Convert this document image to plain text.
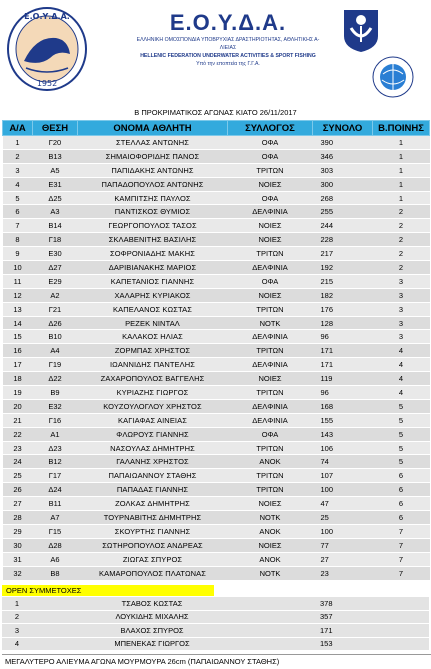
Ε.Ο.Υ.Δ.Α.
1952
Ε.Ο.Υ.Δ.Α.
ΕΛΛΗΝΙΚΗ ΟΜΟΣΠΟΝΔΙΑ ΥΠΟΒΡΥΧΙΑΣ ΔΡΑΣΤΗΡΙΟΤΗΤΑΣ, ΑΘΛΗΤΙΚΗΣ Α-
ΛΙΕΙΑΣ
HELLENIC FEDERATION UNDERWATER ACTIVITIES & SPORT FISHING
Υπό την εποπτεία της Γ.Γ.Α.
Β ΠΡΟΚΡΙΜΑΤΙΚΟΣ ΑΓΩΝΑΣ ΚΙΑΤΟ 26/11/2017
Α/Α	ΘΕΣΗ	ΟΝΟΜΑ ΑΘΛΗΤΗ	ΣΥΛΛΟΓΟΣ	ΣΥΝΟΛΟ	Β.ΠΟΙΝΗΣ
1	Γ20	ΣΤΕΛΛΑΣ ΑΝΤΩΝΗΣ	ΟΦΑ	390	1
2	Β13	ΣΗΜΑΙΟΦΟΡΙΔΗΣ ΠΑΝΟΣ	ΟΦΑ	346	1
3	Α5	ΠΑΠΙΔΑΚΗΣ ΑΝΤΩΝΗΣ	ΤΡΙΤΩΝ	303	1
4	Ε31	ΠΑΠΑΔΟΠΟΥΛΟΣ ΑΝΤΩΝΗΣ	ΝΟΙΕΣ	300	1
5	Δ25	ΚΑΜΠΙΤΣΗΣ ΠΑΥΛΟΣ	ΟΦΑ	268	1
6	Α3	ΠΑΝΤΙΣΚΟΣ ΘΥΜΙΟΣ	ΔΕΛΦΙΝΙΑ	255	2
7	Β14	ΓΕΩΡΓΟΠΟΥΛΟΣ ΤΑΣΟΣ	ΝΟΙΕΣ	244	2
8	Γ18	ΣΚΛΑΒΕΝΙΤΗΣ ΒΑΣΙΛΗΣ	ΝΟΙΕΣ	228	2
9	Ε30	ΣΟΦΡΟΝΙΑΔΗΣ ΜΑΚΗΣ	ΤΡΙΤΩΝ	217	2
10	Δ27	ΔΑΡΙΒΙΑΝΑΚΗΣ ΜΑΡΙΟΣ	ΔΕΛΦΙΝΙΑ	192	2
11	Ε29	ΚΑΠΕΤΑΝΙΟΣ ΓΙΑΝΝΗΣ	ΟΦΑ	215	3
12	Α2	ΧΑΛΑΡΗΣ ΚΥΡΙΑΚΟΣ	ΝΟΙΕΣ	182	3
13	Γ21	ΚΑΠΕΛΑΝΟΣ ΚΩΣΤΑΣ	ΤΡΙΤΩΝ	176	3
14	Δ26	ΡΕΖΕΚ ΝΙΝΤΑΛ	ΝΟΤΚ	128	3
15	Β10	ΚΑΛΑΚΟΣ ΗΛΙΑΣ	ΔΕΛΦΙΝΙΑ	96	3
16	Α4	ΖΟΡΜΠΑΣ ΧΡΗΣΤΟΣ	ΤΡΙΤΩΝ	171	4
17	Γ19	ΙΩΑΝΝΙΔΗΣ ΠΑΝΤΕΛΗΣ	ΔΕΛΦΙΝΙΑ	171	4
18	Δ22	ΖΑΧΑΡΟΠΟΥΛΟΣ ΒΑΓΓΕΛΗΣ	ΝΟΙΕΣ	119	4
19	Β9	ΚΥΡΙΑΖΗΣ ΓΙΩΡΓΟΣ	ΤΡΙΤΩΝ	96	4
20	Ε32	ΚΟΥΖΟΥΛΟΓΛΟΥ ΧΡΗΣΤΟΣ	ΔΕΛΦΙΝΙΑ	168	5
21	Γ16	ΚΑΓΙΑΦΑΣ ΑΙΝΕΙΑΣ	ΔΕΛΦΙΝΙΑ	155	5
22	Α1	ΦΛΩΡΟΥΣ ΓΙΑΝΝΗΣ	ΟΦΑ	143	5
23	Δ23	ΝΑΣΟΥΛΑΣ ΔΗΜΗΤΡΗΣ	ΤΡΙΤΩΝ	106	5
24	Β12	ΓΑΛΑΝΗΣ ΧΡΗΣΤΟΣ	ΑΝΟΚ	74	5
25	Γ17	ΠΑΠΑΙΩΑΝΝΟΥ ΣΤΑΘΗΣ	ΤΡΙΤΩΝ	107	6
26	Δ24	ΠΑΠΑΔΑΣ ΓΙΑΝΝΗΣ	ΤΡΙΤΩΝ	100	6
27	Β11	ΖΟΛΚΑΣ ΔΗΜΗΤΡΗΣ	ΝΟΙΕΣ	47	6
28	Α7	ΤΟΥΡΝΑΒΙΤΗΣ ΔΗΜΗΤΡΗΣ	ΝΟΤΚ	25	6
29	Γ15	ΣΚΟΥΡΤΗΣ ΓΙΑΝΝΗΣ	ΑΝΟΚ	100	7
30	Δ28	ΣΩΤΗΡΟΠΟΥΛΟΣ ΑΝΔΡΕΑΣ	ΝΟΙΕΣ	77	7
31	Α6	ΖΙΩΓΑΣ ΣΠΥΡΟΣ	ΑΝΟΚ	27	7
32	Β8	ΚΑΜΑΡΟΠΟΥΛΟΣ ΠΛΑΤΩΝΑΣ	ΝΟΤΚ	23	7
OPEN ΣΥΜΜΕΤΟΧΕΣ
1		ΤΣΑΒΟΣ ΚΩΣΤΑΣ		378	
2		ΛΟΥΚΙΔΗΣ ΜΙΧΑΛΗΣ		357	
3		ΒΛΑΧΟΣ ΣΠΥΡΟΣ		171	
4		ΜΠΕΝΕΚΑΣ ΓΙΩΡΓΟΣ		153	
ΜΕΓΑΛΥΤΕΡΟ ΑΛΙΕΥΜΑ ΑΓΩΝΑ ΜΟΥΡΜΟΥΡΑ 26cm (ΠΑΠΑΙΩΑΝΝΟΥ ΣΤΑΘΗΣ)
